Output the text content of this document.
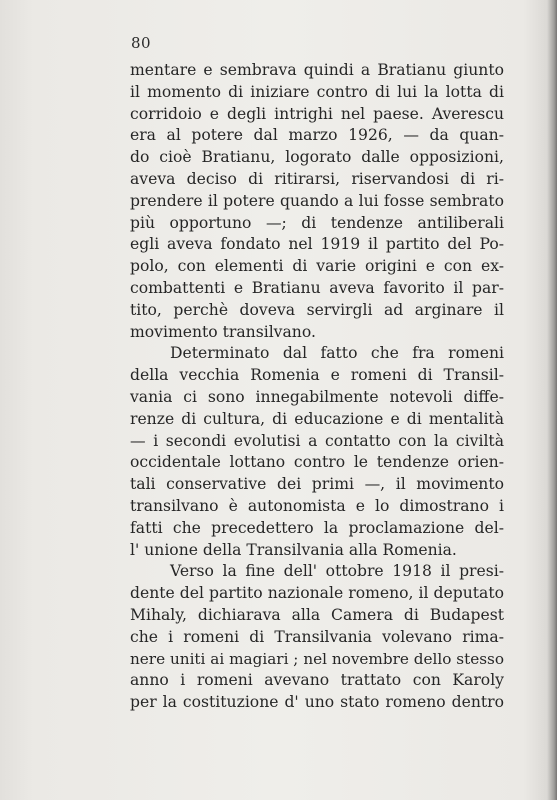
80
mentare e sembrava quindi a Bratianu giunto
il momento di iniziare contro di lui la lotta di
corridoio e degli intrighi nel paese. Averescu
era al potere dal marzo 1926, — da quan-
do cioè Bratianu, logorato dalle opposizioni,
aveva deciso di ritirarsi, riservandosi di ri-
prendere il potere quando a lui fosse sembrato
più opportuno —; di tendenze antiliberali
egli aveva fondato nel 1919 il partito del Po-
polo, con elementi di varie origini e con ex-
combattenti e Bratianu aveva favorito il par-
tito, perchè doveva servirgli ad arginare il
movimento transilvano.
Determinato dal fatto che fra romeni
della vecchia Romenia e romeni di Transil-
vania ci sono innegabilmente notevoli diffe-
renze di cultura, di educazione e di mentalità
— i secondi evolutisi a contatto con la civiltà
occidentale lottano contro le tendenze orien-
tali conservative dei primi —, il movimento
transilvano è autonomista e lo dimostrano i
fatti che precedettero la proclamazione del-
l' unione della Transilvania alla Romenia.
Verso la fine dell' ottobre 1918 il presi-
dente del partito nazionale romeno, il deputato
Mihaly, dichiarava alla Camera di Budapest
che i romeni di Transilvania volevano rima-
nere uniti ai magiari ; nel novembre dello stesso
anno i romeni avevano trattato con Karoly
per la costituzione d' uno stato romeno dentro
